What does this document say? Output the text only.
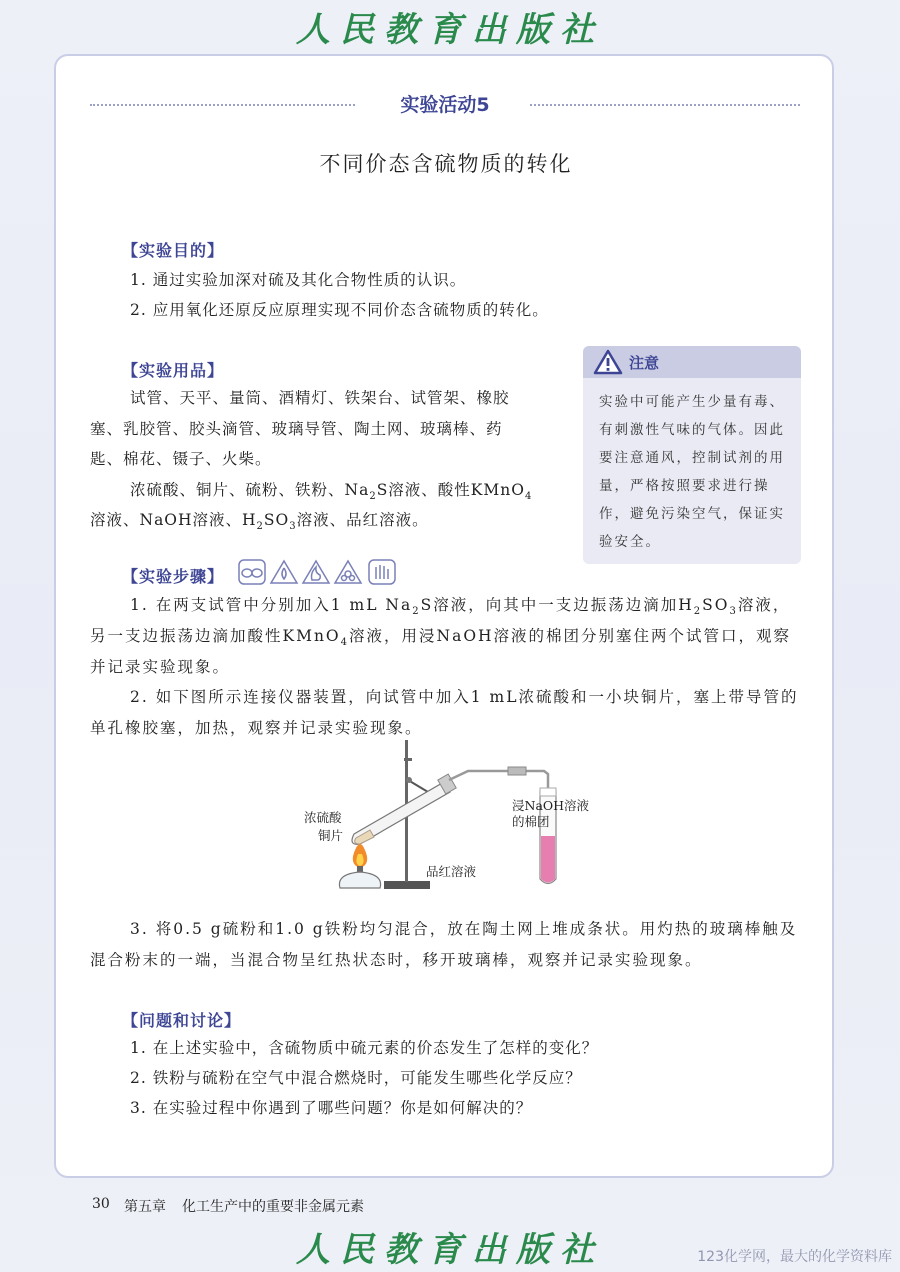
人民教育出版社
实验活动5
不同价态含硫物质的转化
【实验目的】
1. 通过实验加深对硫及其化合物性质的认识。
2. 应用氧化还原反应原理实现不同价态含硫物质的转化。
【实验用品】
试管、天平、量筒、酒精灯、铁架台、试管架、橡胶
塞、乳胶管、胶头滴管、玻璃导管、陶土网、玻璃棒、药
匙、棉花、镊子、火柴。
浓硫酸、铜片、硫粉、铁粉、$Na_2S$溶液、酸性KMnO$_4$
溶液、NaOH溶液、$H_2SO_3$溶液、品红溶液。
注意
实验中可能产生少量有毒、有刺激性气味的气体。因此要注意通风，控制试剂的用量，严格按照要求进行操作，避免污染空气，保证实验安全。
【实验步骤】
1. 在两支试管中分别加入1 mL $Na_2S$溶液，向其中一支边振荡边滴加$H_2SO_3$溶液，另一支边振荡边滴加酸性KMnO$_4$溶液，用浸NaOH溶液的棉团分别塞住两个试管口，观察并记录实验现象。
2. 如下图所示连接仪器装置，向试管中加入1 mL浓硫酸和一小块铜片，塞上带导管的单孔橡胶塞，加热，观察并记录实验现象。
浓硫酸
铜片
浸NaOH溶液
的棉团
品红溶液
3. 将0.5 g硫粉和1.0 g铁粉均匀混合，放在陶土网上堆成条状。用灼热的玻璃棒触及混合粉末的一端，当混合物呈红热状态时，移开玻璃棒，观察并记录实验现象。
【问题和讨论】
1. 在上述实验中，含硫物质中硫元素的价态发生了怎样的变化？
2. 铁粉与硫粉在空气中混合燃烧时，可能发生哪些化学反应？
3. 在实验过程中你遇到了哪些问题？你是如何解决的？
30 第五章 化工生产中的重要非金属元素
人民教育出版社	123化学网，最大的化学资料库
